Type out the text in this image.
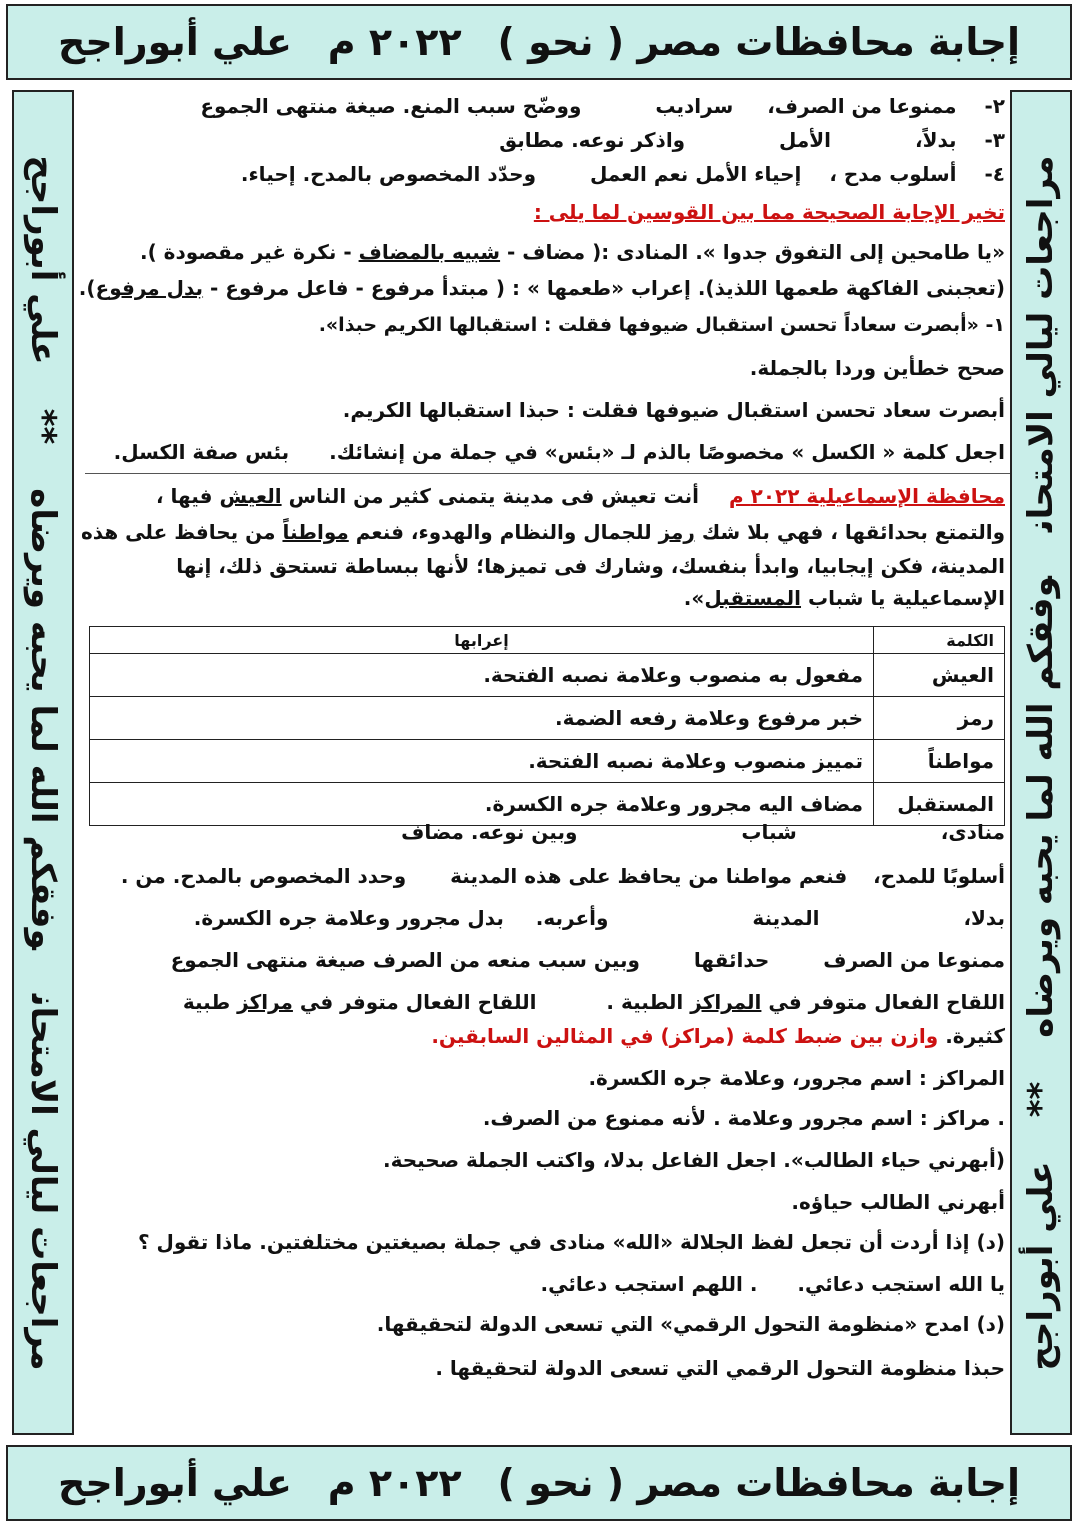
إجابة محافظات مصر ( نحو )
٢٠٢٢ م
علي أبوراجح
مراجعات ليالي الامتحانوفقكم الله لما يحبه ويرضاه**علي أبوراجح	مراجعات ليالي الامتحانوفقكم الله لما يحبه ويرضاه**علي أبوراجح
٢-  ممنوعا من الصرف،  سراديب  ووضّح سبب المنع. صيغة منتهى الجموع
٣-  بدلاً،  الأمل  واذكر نوعه. مطابق
٤-  أسلوب مدح ،  إحياء الأمل نعم العمل  وحدّد المخصوص بالمدح. إحياء.
تخير الإجابة الصحيحة مما بين القوسين لما يلى :
«يا طامحين إلى التفوق جدوا ». المنادى :( مضاف - شبيه بالمضاف - نكرة غير مقصودة ).
(تعجبنى الفاكهة طعمها اللذيذ). إعراب «طعمها » : ( مبتدأ مرفوع - فاعل مرفوع - بدل مرفوع).
١- «أبصرت سعاداً تحسن استقبال ضيوفها فقلت : استقبالها الكريم حبذا».
صحح خطأين وردا بالجملة.
أبصرت سعاد تحسن استقبال ضيوفها فقلت : حبذا استقبالها الكريم.
اجعل كلمة « الكسل » مخصوصًا بالذم لـ «بئس» في جملة من إنشائك.  بئس صفة الكسل.
محافظة الإسماعيلية ٢٠٢٢ م  أنت تعيش فى مدينة يتمنى كثير من الناس العيش فيها ،
والتمتع بحدائقها ، فهي بلا شك رمز للجمال والنظام والهدوء، فنعم مواطناً من يحافظ على هذه
المدينة، فكن إيجابيا، وابدأ بنفسك، وشارك فى تميزها؛ لأنها ببساطة تستحق ذلك، إنها
الإسماعيلية يا شباب المستقبل».
الكلمة	إعرابها
العيش	مفعول به منصوب وعلامة نصبه الفتحة.
رمز	خبر مرفوع وعلامة رفعه الضمة.
مواطناً	تمييز منصوب وعلامة نصبه الفتحة.
المستقبل	مضاف اليه مجرور وعلامة جره الكسرة.
منادى،  شباب  وبين نوعه. مضاف
أسلوبًا للمدح،  فنعم مواطنا من يحافظ على هذه المدينة  وحدد المخصوص بالمدح. من .
بدلا،  المدينة  وأعربه.  بدل مجرور وعلامة جره الكسرة.
ممنوعا من الصرف  حدائقها  وبين سبب منعه من الصرف صيغة منتهى الجموع
اللقاح الفعال متوفر في المراكز الطبية .  اللقاح الفعال متوفر في مراكز طبية
كثيرة. وازن بين ضبط كلمة (مراكز) في المثالين السابقين.
المراكز : اسم مجرور، وعلامة جره الكسرة.
. مراكز : اسم مجرور وعلامة . لأنه ممنوع من الصرف.
(أبهرني حياء الطالب». اجعل الفاعل بدلا، واكتب الجملة صحيحة.
أبهرني الطالب حياؤه.
(د) إذا أردت أن تجعل لفظ الجلالة «الله» منادى في جملة بصيغتين مختلفتين. ماذا تقول ؟
يا الله استجب دعائي.  . اللهم استجب دعائي.
(د) امدح «منظومة التحول الرقمي» التي تسعى الدولة لتحقيقها.
حبذا منظومة التحول الرقمي التي تسعى الدولة لتحقيقها .
إجابة محافظات مصر ( نحو )
٢٠٢٢ م
علي أبوراجح
